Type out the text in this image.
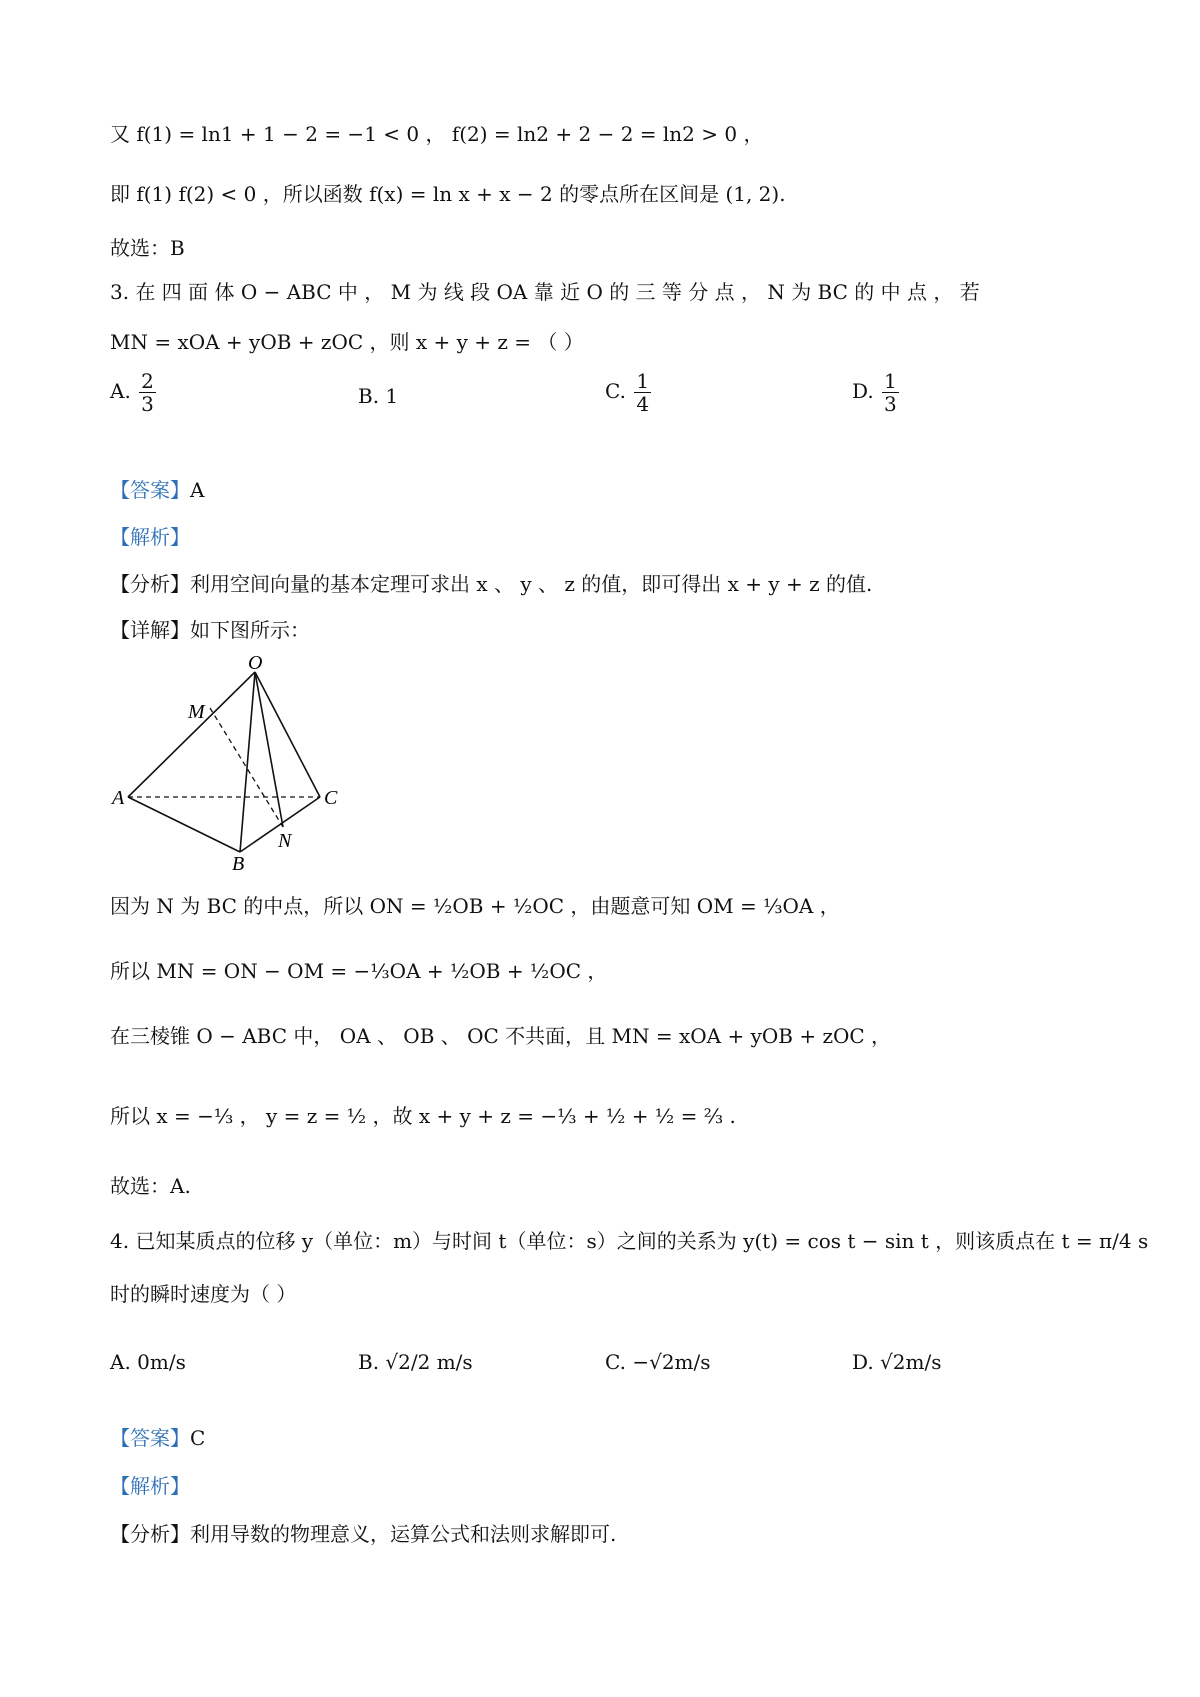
又 f(1) = ln1 + 1 − 2 = −1 < 0 ， f(2) = ln2 + 2 − 2 = ln2 > 0 ，
即 f(1) f(2) < 0 ，所以函数 f(x) = ln x + x − 2 的零点所在区间是 (1, 2).
故选：B
3. 在 四 面 体 O − ABC 中 ， M 为 线 段 OA 靠 近 O 的 三 等 分 点 ， N 为 BC 的 中 点 ， 若
MN = xOA + yOB + zOC ，则 x + y + z = （ ）
A. $\frac{2}{3}$	B. 1	C. $\frac{1}{4}$	D. $\frac{1}{3}$
【答案】A
【解析】
【分析】利用空间向量的基本定理可求出 x 、 y 、 z 的值，即可得出 x + y + z 的值.
【详解】如下图所示：
O
M
A
B
C
N
因为 N 为 BC 的中点，所以 ON = ½OB + ½OC ，由题意可知 OM = ⅓OA ，
所以 MN = ON − OM = −⅓OA + ½OB + ½OC ，
在三棱锥 O − ABC 中， OA 、 OB 、 OC 不共面，且 MN = xOA + yOB + zOC ，
所以 x = −⅓ ， y = z = ½ ，故 x + y + z = −⅓ + ½ + ½ = ⅔ .
故选：A.
4. 已知某质点的位移 y（单位：m）与时间 t（单位：s）之间的关系为 y(t) = cos t − sin t ，则该质点在 t = π/4 s
时的瞬时速度为（ ）
A. 0m/s	B. √2/2 m/s	C. −√2m/s	D. √2m/s
【答案】C
【解析】
【分析】利用导数的物理意义，运算公式和法则求解即可.
